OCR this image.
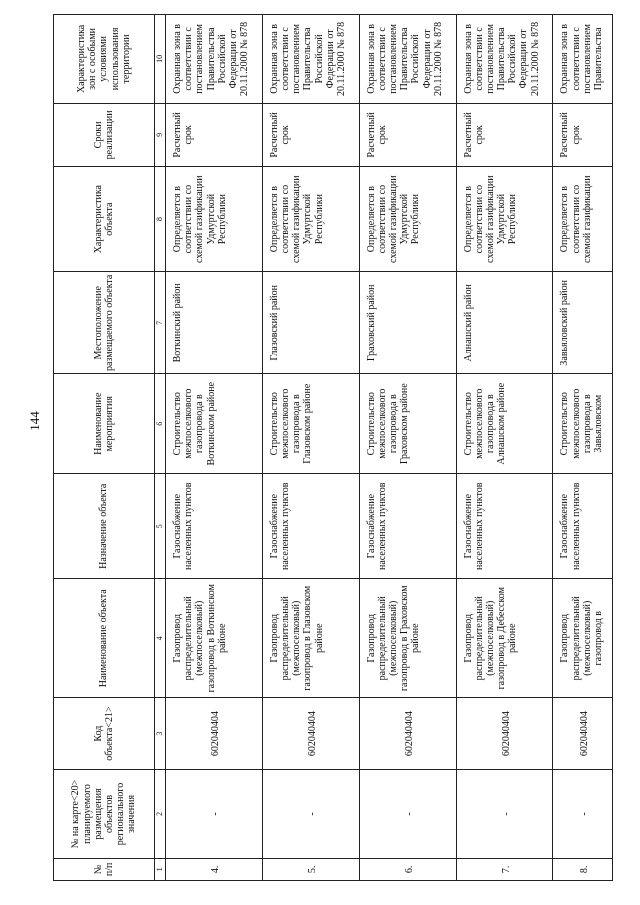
144
№ п/п	№ на карте<20> планируемого размещения объектов регионального значения	Код объекта<21>	Наименование объекта	Назначение объекта	Наименование мероприятия	Местоположение размещаемого объекта	Характеристика объекта	Сроки реализации	Характеристика зон с особыми условиями использования территории
1	2	3	4	5	6	7	8	9	10
4.	-	602040404	Газопровод распределительный (межпоселковый) газопровод в Воткинском районе	Газоснабжение населенных пунктов	Строительство межпоселкового газопровода в Воткинском районе	Воткинский район	Определяется в соответствии со схемой газификации Удмуртской Республики	Расчетный срок	Охранная зона в соответствии с постановлением Правительства Российской Федерации от 20.11.2000 № 878
5.	-	602040404	Газопровод распределительный (межпоселковый) газопровод в Глазовском районе	Газоснабжение населенных пунктов	Строительство межпоселкового газопровода в Глазовском районе	Глазовский район	Определяется в соответствии со схемой газификации Удмуртской Республики	Расчетный срок	Охранная зона в соответствии с постановлением Правительства Российской Федерации от 20.11.2000 № 878
6.	-	602040404	Газопровод распределительный (межпоселковый) газопровод в Граховском районе	Газоснабжение населенных пунктов	Строительство межпоселкового газопровода в Граховском районе	Граховский район	Определяется в соответствии со схемой газификации Удмуртской Республики	Расчетный срок	Охранная зона в соответствии с постановлением Правительства Российской Федерации от 20.11.2000 № 878
7.	-	602040404	Газопровод распределительный (межпоселковый) газопровод в Дебесском районе	Газоснабжение населенных пунктов	Строительство межпоселкового газопровода в Алнашском районе	Алнашский район	Определяется в соответствии со схемой газификации Удмуртской Республики	Расчетный срок	Охранная зона в соответствии с постановлением Правительства Российской Федерации от 20.11.2000 № 878
8.	-	602040404	Газопровод распределительный (межпоселковый) газопровод в	Газоснабжение населенных пунктов	Строительство межпоселкового газопровода в Завьяловском	Завьяловский район	Определяется в соответствии со схемой газификации	Расчетный срок	Охранная зона в соответствии с постановлением Правительства
